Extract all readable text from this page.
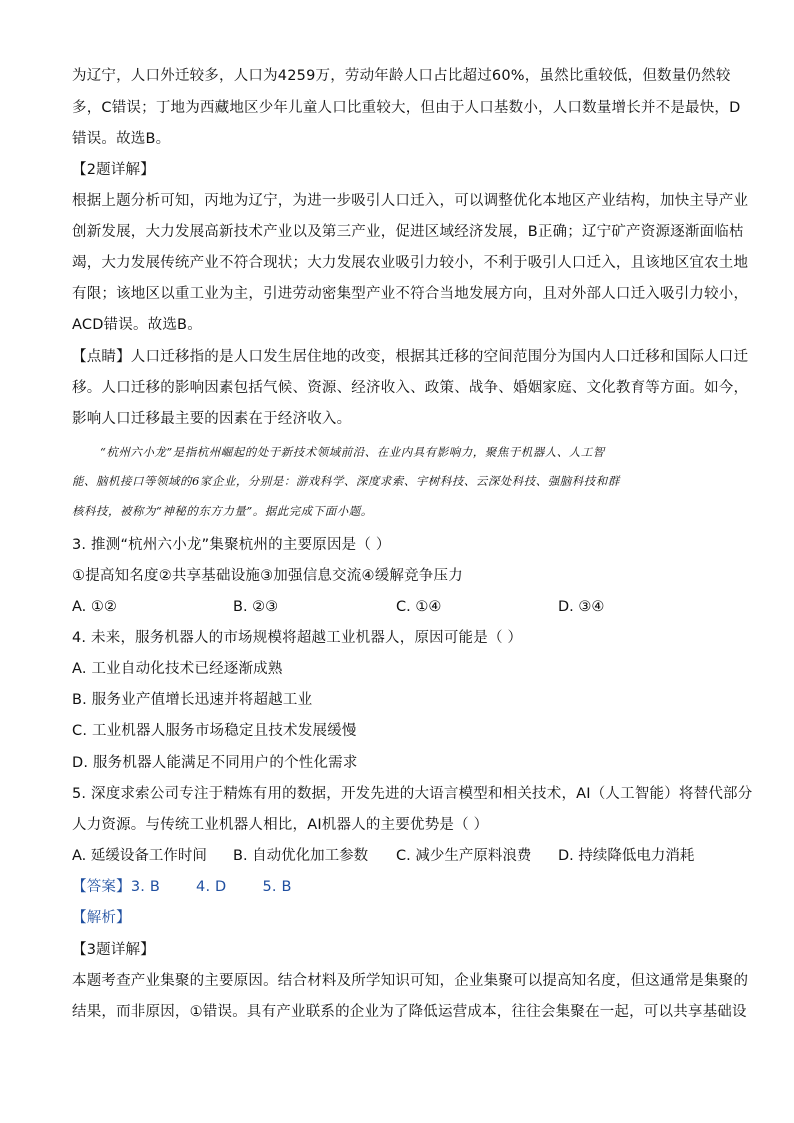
为辽宁，人口外迁较多，人口为4259万，劳动年龄人口占比超过60%，虽然比重较低，但数量仍然较
多，C错误；丁地为西藏地区少年儿童人口比重较大，但由于人口基数小，人口数量增长并不是最快，D
错误。故选B。
【2题详解】
根据上题分析可知，丙地为辽宁，为进一步吸引人口迁入，可以调整优化本地区产业结构，加快主导产业
创新发展，大力发展高新技术产业以及第三产业，促进区域经济发展，B正确；辽宁矿产资源逐渐面临枯
竭，大力发展传统产业不符合现状；大力发展农业吸引力较小，不利于吸引人口迁入，且该地区宜农土地
有限；该地区以重工业为主，引进劳动密集型产业不符合当地发展方向，且对外部人口迁入吸引力较小，
ACD错误。故选B。
【点睛】人口迁移指的是人口发生居住地的改变，根据其迁移的空间范围分为国内人口迁移和国际人口迁
移。人口迁移的影响因素包括气候、资源、经济收入、政策、战争、婚姻家庭、文化教育等方面。如今，
影响人口迁移最主要的因素在于经济收入。
“杭州六小龙”是指杭州崛起的处于新技术领域前沿、在业内具有影响力，聚焦于机器人、人工智
能、脑机接口等领域的6家企业，分别是：游戏科学、深度求索、宇树科技、云深处科技、强脑科技和群
核科技，被称为“神秘的东方力量”。据此完成下面小题。
3. 推测“杭州六小龙”集聚杭州的主要原因是（ ）
①提高知名度②共享基础设施③加强信息交流④缓解竞争压力
A. ①②	B. ②③	C. ①④	D. ③④
4. 未来，服务机器人的市场规模将超越工业机器人，原因可能是（ ）
A. 工业自动化技术已经逐渐成熟
B. 服务业产值增长迅速并将超越工业
C. 工业机器人服务市场稳定且技术发展缓慢
D. 服务机器人能满足不同用户的个性化需求
5. 深度求索公司专注于精炼有用的数据，开发先进的大语言模型和相关技术，AI（人工智能）将替代部分
人力资源。与传统工业机器人相比，AI机器人的主要优势是（ ）
A. 延缓设备工作时间 B. 自动优化加工参数 C. 减少生产原料浪费 D. 持续降低电力消耗
【答案】3. B 4. D 5. B
【解析】
【3题详解】
本题考查产业集聚的主要原因。结合材料及所学知识可知，企业集聚可以提高知名度，但这通常是集聚的
结果，而非原因，①错误。具有产业联系的企业为了降低运营成本，往往会集聚在一起，可以共享基础设
